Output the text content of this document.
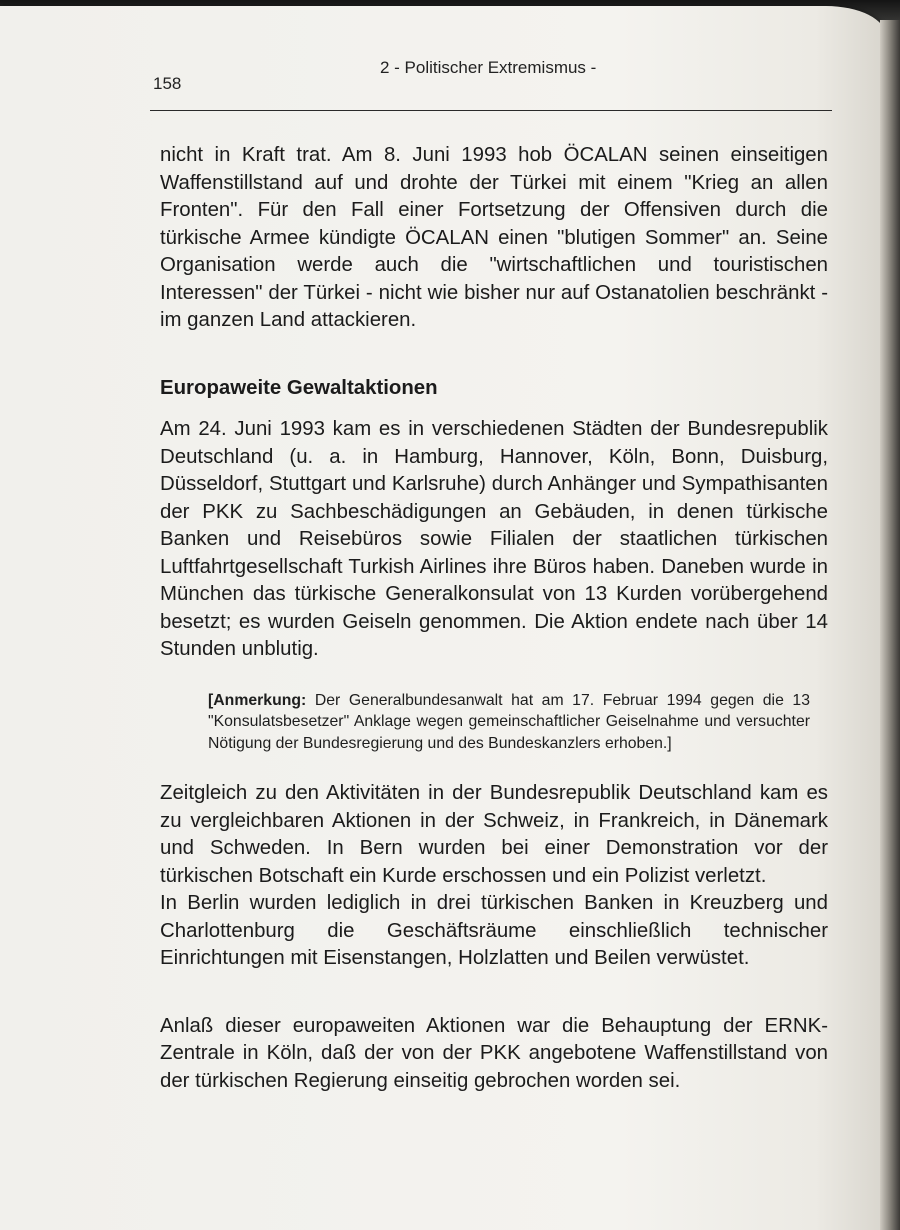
158
2 - Politischer Extremismus -

nicht in Kraft trat. Am 8. Juni 1993 hob ÖCALAN seinen einseitigen Waffenstillstand auf und drohte der Türkei mit einem "Krieg an allen Fronten". Für den Fall einer Fortsetzung der Offensiven durch die türkische Armee kündigte ÖCALAN einen "blutigen Sommer" an. Seine Organisation werde auch die "wirtschaftlichen und touristischen Interessen" der Türkei - nicht wie bisher nur auf Ostanatolien beschränkt - im ganzen Land attackieren.

Europaweite Gewaltaktionen

Am 24. Juni 1993 kam es in verschiedenen Städten der Bundesrepublik Deutschland (u. a. in Hamburg, Hannover, Köln, Bonn, Duisburg, Düsseldorf, Stuttgart und Karlsruhe) durch Anhänger und Sympathisanten der PKK zu Sachbeschädigungen an Gebäuden, in denen türkische Banken und Reisebüros sowie Filialen der staatlichen türkischen Luftfahrtgesellschaft Turkish Airlines ihre Büros haben. Daneben wurde in München das türkische Generalkonsulat von 13 Kurden vorübergehend besetzt; es wurden Geiseln genommen. Die Aktion endete nach über 14 Stunden unblutig.

[Anmerkung: Der Generalbundesanwalt hat am 17. Februar 1994 gegen die 13 "Konsulatsbesetzer" Anklage wegen gemeinschaftlicher Geiselnahme und versuchter Nötigung der Bundesregierung und des Bundeskanzlers erhoben.]

Zeitgleich zu den Aktivitäten in der Bundesrepublik Deutschland kam es zu vergleichbaren Aktionen in der Schweiz, in Frankreich, in Dänemark und Schweden. In Bern wurden bei einer Demonstration vor der türkischen Botschaft ein Kurde erschossen und ein Polizist verletzt.

In Berlin wurden lediglich in drei türkischen Banken in Kreuzberg und Charlottenburg die Geschäftsräume einschließlich technischer Einrichtungen mit Eisenstangen, Holzlatten und Beilen verwüstet.

Anlaß dieser europaweiten Aktionen war die Behauptung der ERNK-Zentrale in Köln, daß der von der PKK angebotene Waffenstillstand von der türkischen Regierung einseitig gebrochen worden sei.
